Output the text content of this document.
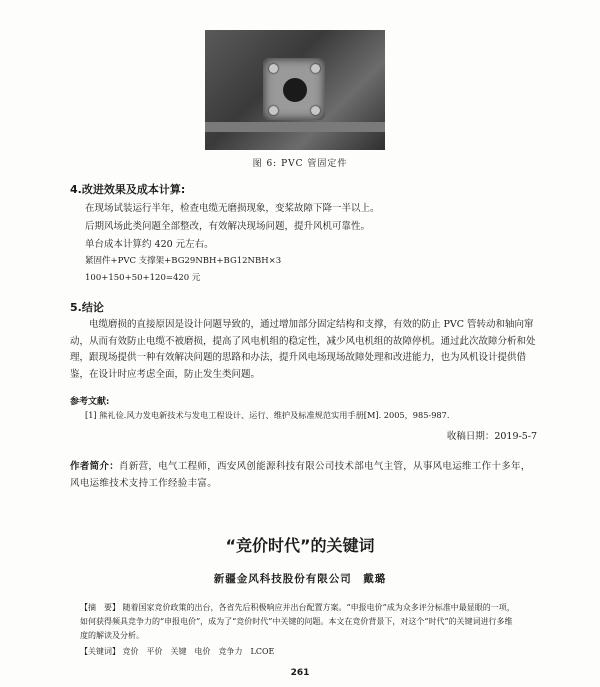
图 6: PVC 管固定件
4.改进效果及成本计算:
在现场试装运行半年，检查电缆无磨损现象，变桨故障下降一半以上。
后期风场此类问题全部整改，有效解决现场问题，提升风机可靠性。
单台成本计算约 420 元左右。
紧固件+PVC 支撑架+BG29NBH+BG12NBH×3
100+150+50+120=420 元
5.结论
电缆磨损的直接原因是设计问题导致的，通过增加部分固定结构和支撑，有效的防止 PVC 管转动和轴向窜动，从而有效防止电缆不被磨损，提高了风电机组的稳定性，减少风电机组的故障停机。通过此次故障分析和处理，跟现场提供一种有效解决问题的思路和办法，提升风电场现场故障处理和改进能力，也为风机设计提供借鉴，在设计时应考虑全面，防止发生类问题。
参考文献:
[1] 熊礼俭.风力发电新技术与发电工程设计、运行、维护及标准规范实用手册[M]. 2005，985-987.
收稿日期：2019-5-7
作者简介：肖新营，电气工程师，西安风创能源科技有限公司技术部电气主管，从事风电运维工作十多年，风电运维技术支持工作经验丰富。
“竞价时代”的关键词
新疆金风科技股份有限公司　戴璐
【摘　要】 随着国家竞价政策的出台，各省先后积极响应并出台配置方案。“申报电价”成为众多评分标准中最显眼的一项，如何获得频具竞争力的“申报电价”，成为了“竞价时代”中关键的问题。本文在竞价背景下，对这个“时代”的关键词进行多维度的解读及分析。
【关键词】 竞价　平价　关键　电价　竞争力　LCOE
261
